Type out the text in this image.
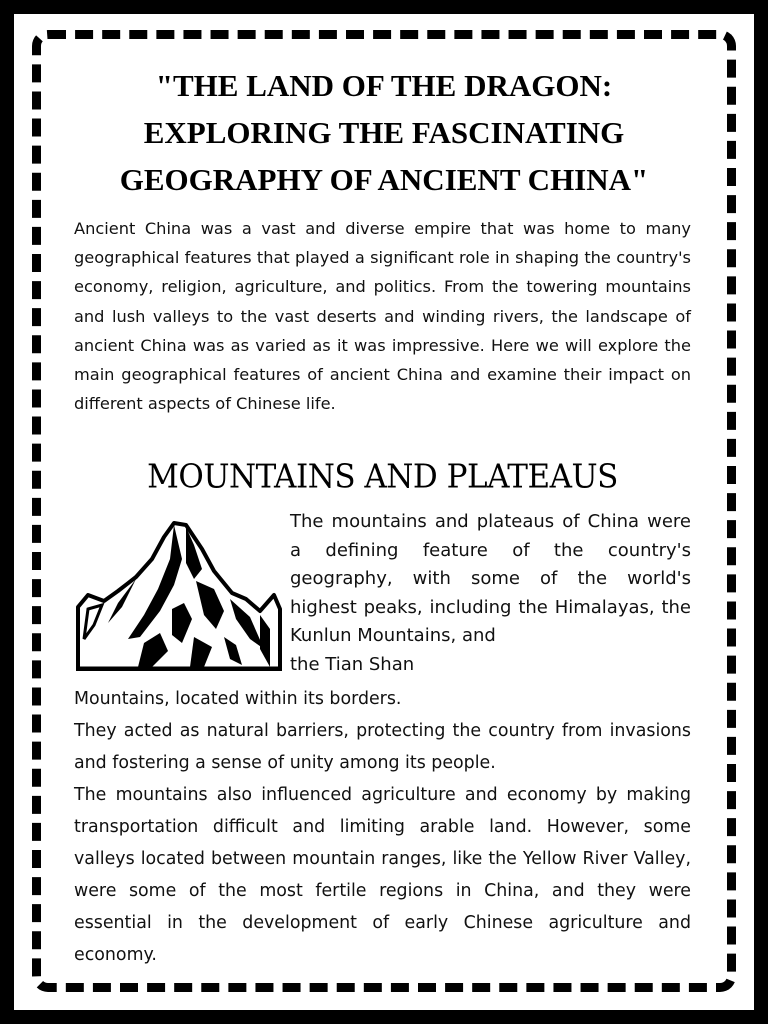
"THE LAND OF THE DRAGON:
EXPLORING THE FASCINATING
GEOGRAPHY OF ANCIENT CHINA"

Ancient China was a vast and diverse empire that was home to many geographical features that played a significant role in shaping the country's economy, religion, agriculture, and politics. From the towering mountains and lush valleys to the vast deserts and winding rivers, the landscape of ancient China was as varied as it was impressive. Here we will explore the main geographical features of ancient China and examine their impact on different aspects of Chinese life.

MOUNTAINS AND PLATEAUS

The mountains and plateaus of China were a defining feature of the country's geography, with some of the world's highest peaks, including the Himalayas, the Kunlun Mountains, and
the Tian Shan

Mountains, located within its borders.

They acted as natural barriers, protecting the country from invasions and fostering a sense of unity among its people.

The mountains also influenced agriculture and economy by making transportation difficult and limiting arable land. However, some valleys located between mountain ranges, like the Yellow River Valley, were some of the most fertile regions in China, and they were essential in the development of early Chinese agriculture and economy.
